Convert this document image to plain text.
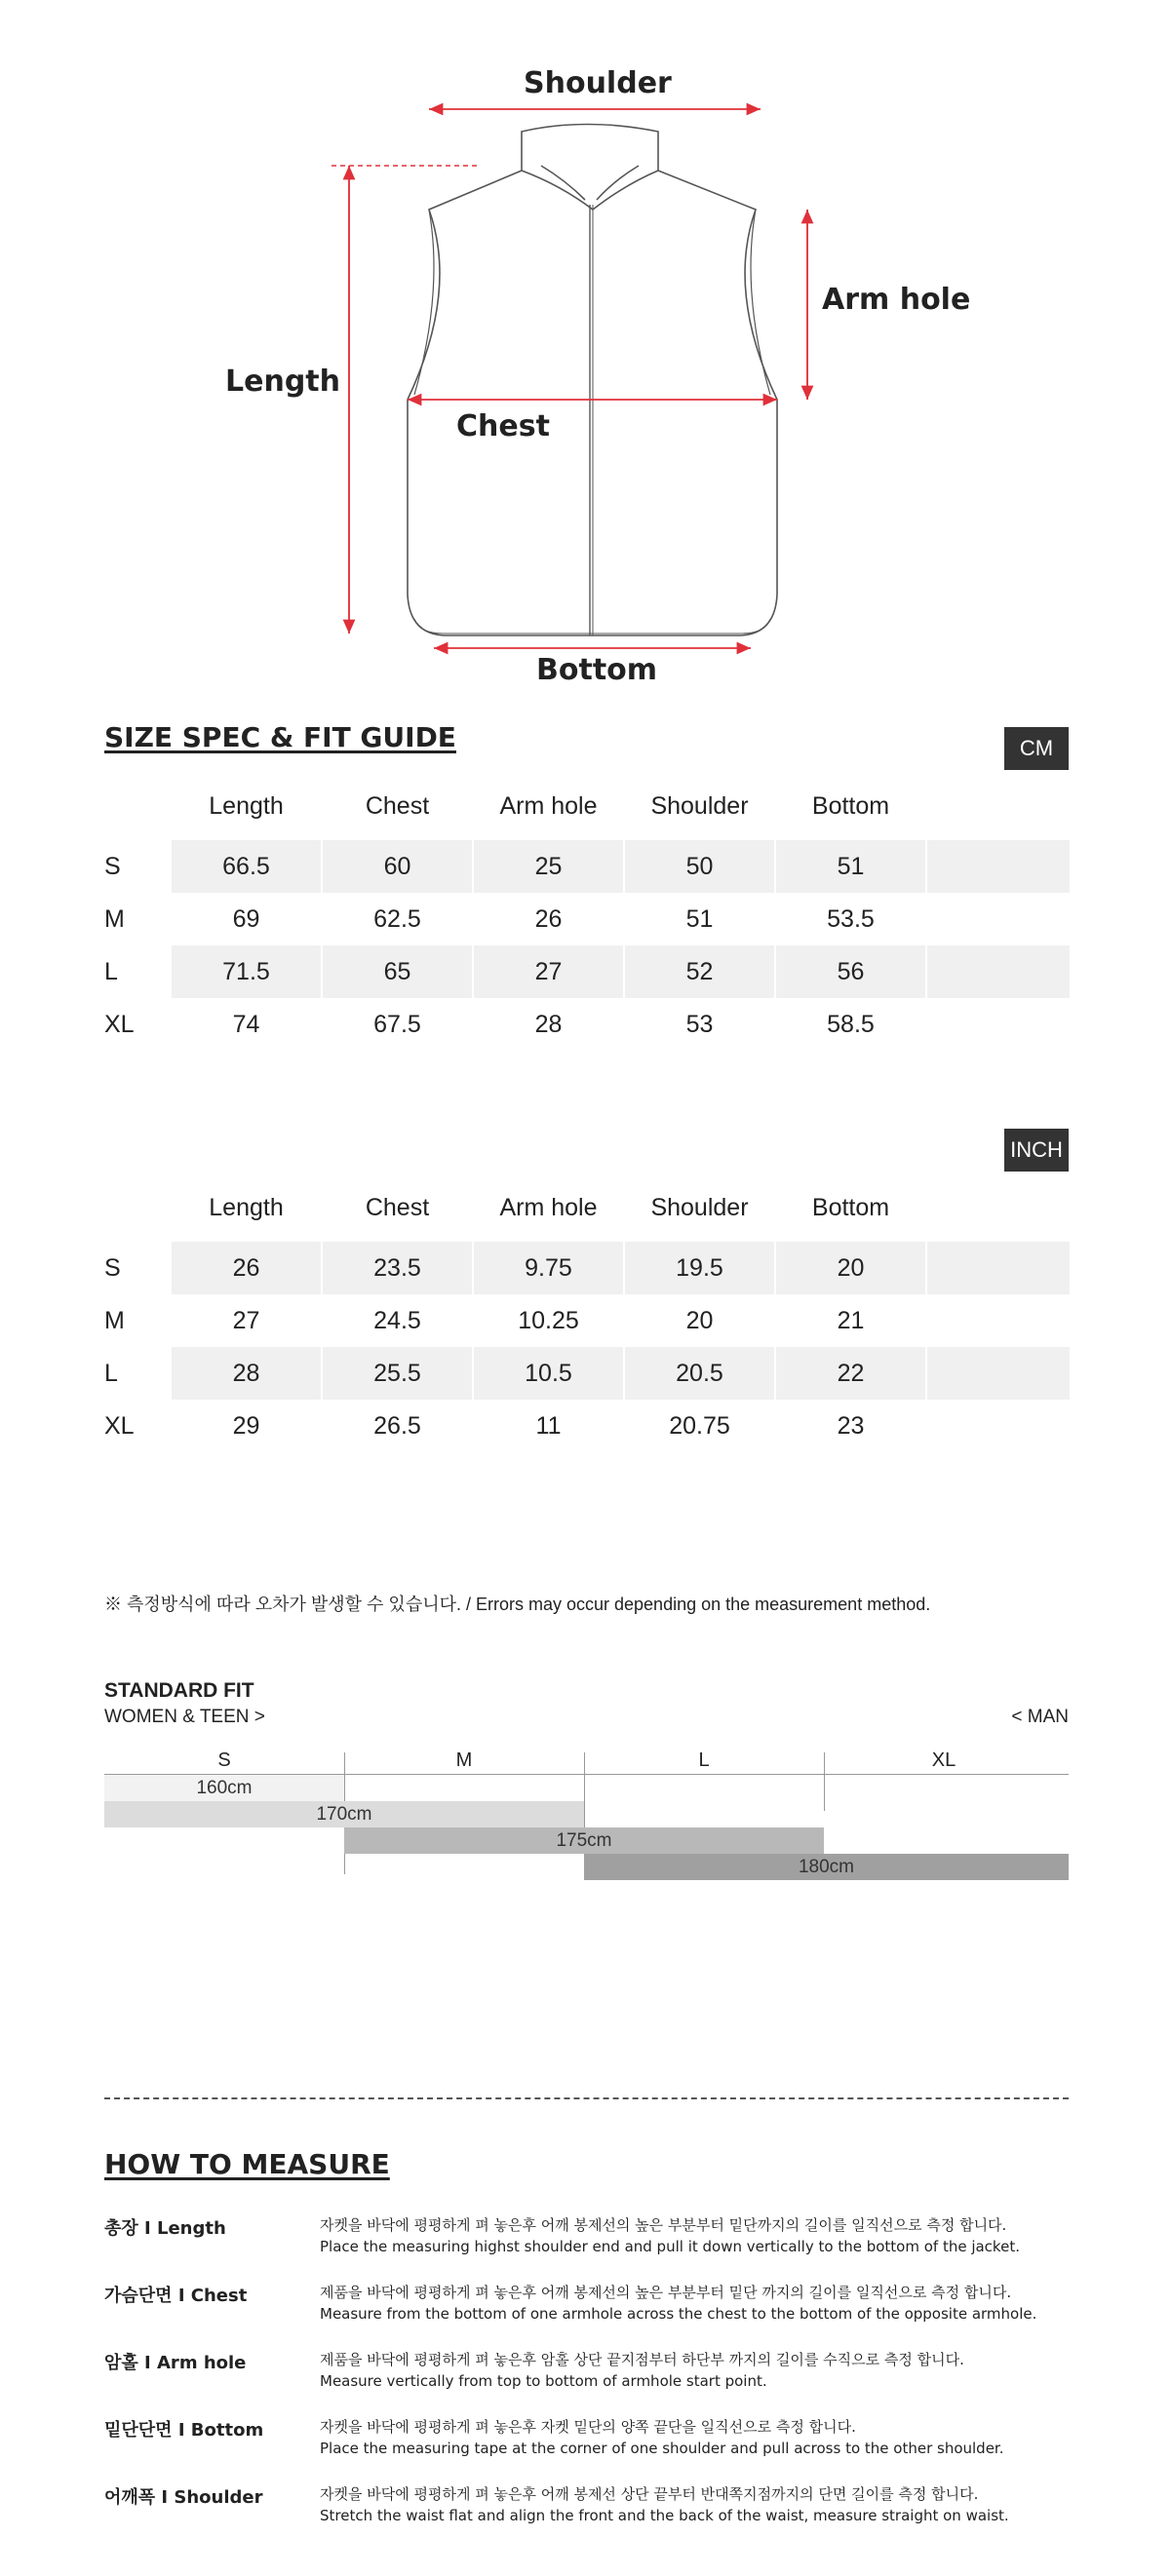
Shoulder
Arm hole
Length
Chest
Bottom
SIZE SPEC & FIT GUIDE	CM
Length	Chest	Arm hole	Shoulder	Bottom
S	66.5	60	25	50	51
M	69	62.5	26	51	53.5
L	71.5	65	27	52	56
XL	74	67.5	28	53	58.5
INCH
Length	Chest	Arm hole	Shoulder	Bottom
S	26	23.5	9.75	19.5	20
M	27	24.5	10.25	20	21
L	28	25.5	10.5	20.5	22
XL	29	26.5	11	20.75	23
※ 측정방식에 따라 오차가 발생할 수 있습니다. / Errors may occur depending on the measurement method.
STANDARD FIT
WOMEN & TEEN >	< MAN
S	M	L	XL
160cm
170cm
175cm
180cm
HOW TO MEASURE
총장 I Length	자켓을 바닥에 평평하게 펴 놓은후 어깨 봉제선의 높은 부분부터 밑단까지의 길이를 일직선으로 측정 합니다.
Place the measuring highst shoulder end and pull it down vertically to the bottom of the jacket.
가슴단면 I Chest	제품을 바닥에 평평하게 펴 놓은후 어깨 봉제선의 높은 부분부터 밑단 까지의 길이를 일직선으로 측정 합니다.
Measure from the bottom of one armhole across the chest to the bottom of the opposite armhole.
암홀 I Arm hole	제품을 바닥에 평평하게 펴 놓은후 암홀 상단 끝지점부터 하단부 까지의 길이를 수직으로 측정 합니다.
Measure vertically from top to bottom of armhole start point.
밑단단면 I Bottom	자켓을 바닥에 평평하게 펴 놓은후 자켓 밑단의 양쪽 끝단을 일직선으로 측정 합니다.
Place the measuring tape at the corner of one shoulder and pull across to the other shoulder.
어깨폭 I Shoulder	자켓을 바닥에 평평하게 펴 놓은후 어깨 봉제선 상단 끝부터 반대쪽지점까지의 단면 길이를 측정 합니다.
Stretch the waist flat and align the front and the back of the waist, measure straight on waist.
